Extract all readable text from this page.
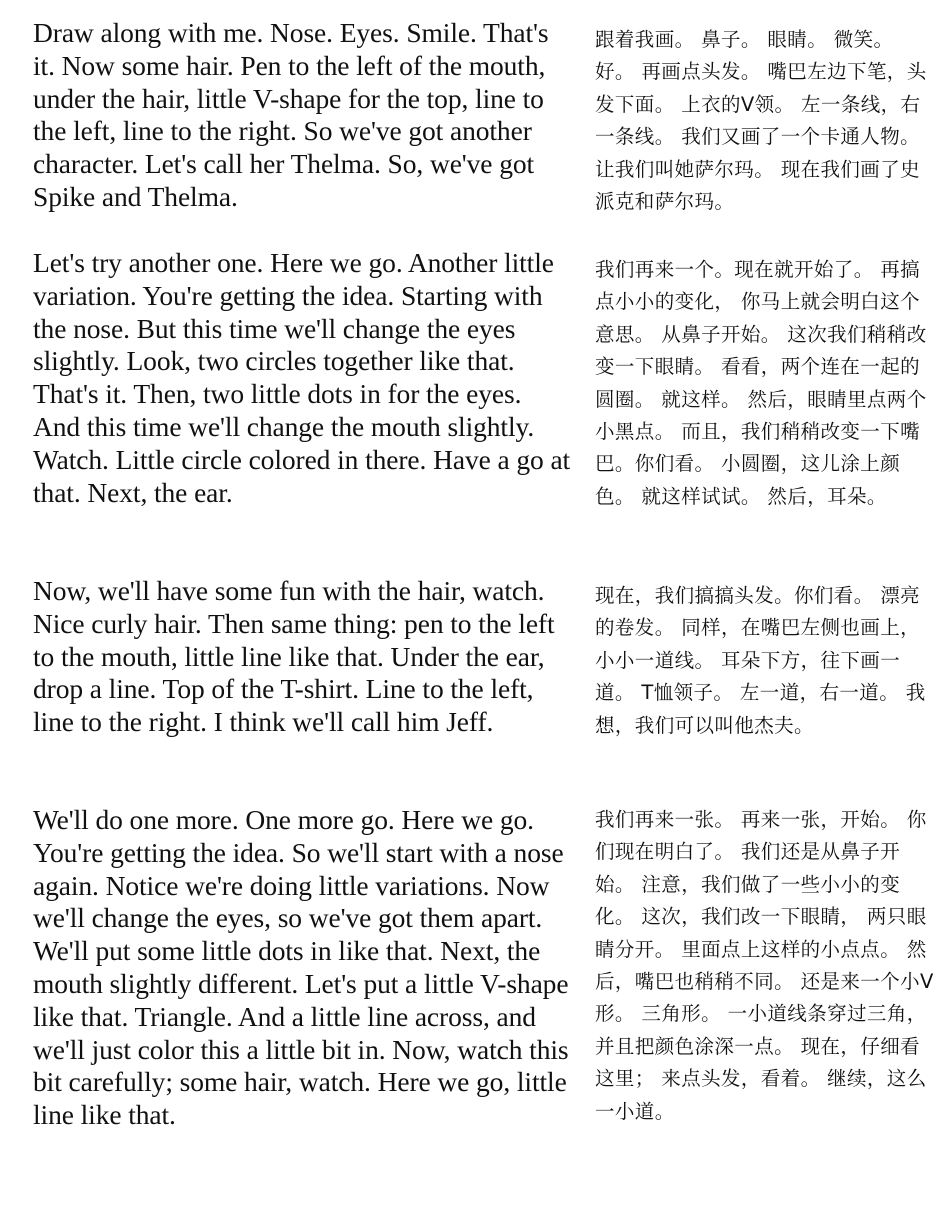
Draw along with me. Nose. Eyes. Smile. That's it. Now some hair. Pen to the left of the mouth, under the hair, little V-shape for the top, line to the left, line to the right. So we've got another character. Let's call her Thelma. So, we've got Spike and Thelma.

跟着我画。 鼻子。 眼睛。 微笑。 好。 再画点头发。 嘴巴左边下笔，头发下面。 上衣的V领。 左一条线，右一条线。 我们又画了一个卡通人物。 让我们叫她萨尔玛。 现在我们画了史派克和萨尔玛。

Let's try another one. Here we go. Another little variation. You're getting the idea. Starting with the nose. But this time we'll change the eyes slightly. Look, two circles together like that. That's it. Then, two little dots in for the eyes. And this time we'll change the mouth slightly. Watch. Little circle colored in there. Have a go at that. Next, the ear.

我们再来一个。现在就开始了。 再搞点小小的变化， 你马上就会明白这个意思。 从鼻子开始。 这次我们稍稍改变一下眼睛。 看看，两个连在一起的圆圈。 就这样。 然后，眼睛里点两个小黑点。 而且，我们稍稍改变一下嘴巴。你们看。 小圆圈，这儿涂上颜色。 就这样试试。 然后，耳朵。

Now, we'll have some fun with the hair, watch. Nice curly hair. Then same thing: pen to the left to the mouth, little line like that. Under the ear, drop a line. Top of the T-shirt. Line to the left, line to the right. I think we'll call him Jeff.

现在，我们搞搞头发。你们看。 漂亮的卷发。 同样，在嘴巴左侧也画上，小小一道线。 耳朵下方，往下画一道。 T恤领子。 左一道，右一道。 我想，我们可以叫他杰夫。

We'll do one more. One more go. Here we go. You're getting the idea. So we'll start with a nose again. Notice we're doing little variations. Now we'll change the eyes, so we've got them apart. We'll put some little dots in like that. Next, the mouth slightly different. Let's put a little V-shape like that. Triangle. And a little line across, and we'll just color this a little bit in. Now, watch this bit carefully; some hair, watch. Here we go, little line like that.

我们再来一张。 再来一张，开始。 你们现在明白了。 我们还是从鼻子开始。 注意，我们做了一些小小的变化。 这次，我们改一下眼睛， 两只眼睛分开。 里面点上这样的小点点。 然后，嘴巴也稍稍不同。 还是来一个小V形。 三角形。 一小道线条穿过三角， 并且把颜色涂深一点。 现在，仔细看这里； 来点头发，看着。 继续，这么一小道。
